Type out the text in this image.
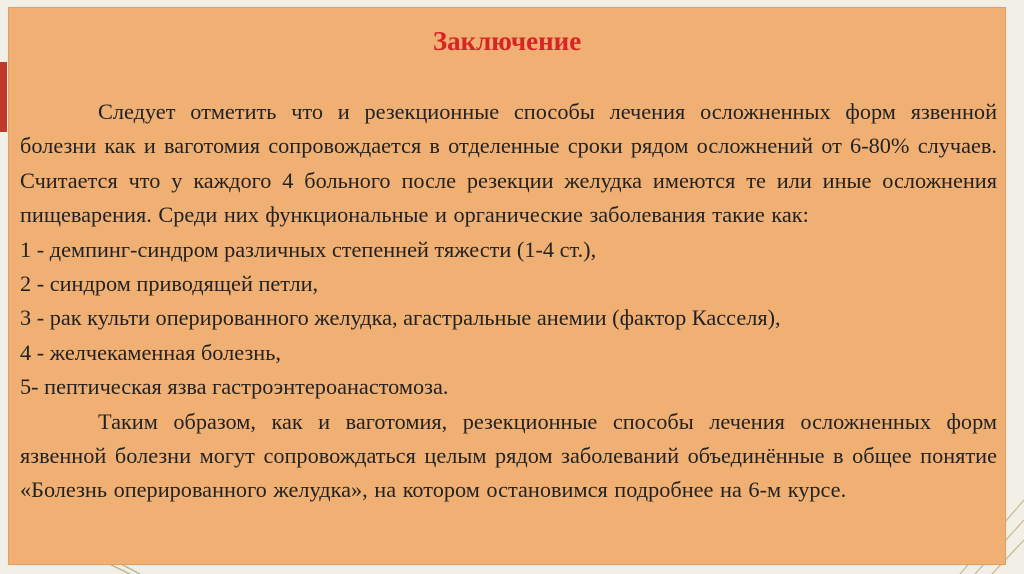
Заключение

Следует отметить что и резекционные способы лечения осложненных форм язвенной болезни как и ваготомия сопровождается в отделенные сроки рядом осложнений от 6-80% случаев. Считается что у каждого 4 больного после резекции желудка имеются те или иные осложнения пищеварения. Среди них функциональные и органические заболевания такие как:

1 - демпинг-синдром различных степенней тяжести (1-4 ст.),

2 - синдром приводящей петли,

3 - рак культи оперированного желудка, агастральные анемии (фактор Касселя),

4 - желчекаменная болезнь,

5- пептическая язва гастроэнтероанастомоза.

Таким образом, как и ваготомия, резекционные способы лечения осложненных форм язвенной болезни могут сопровождаться целым рядом заболеваний объединённые в общее понятие «Болезнь оперированного желудка», на котором остановимся подробнее на 6-м курсе.
